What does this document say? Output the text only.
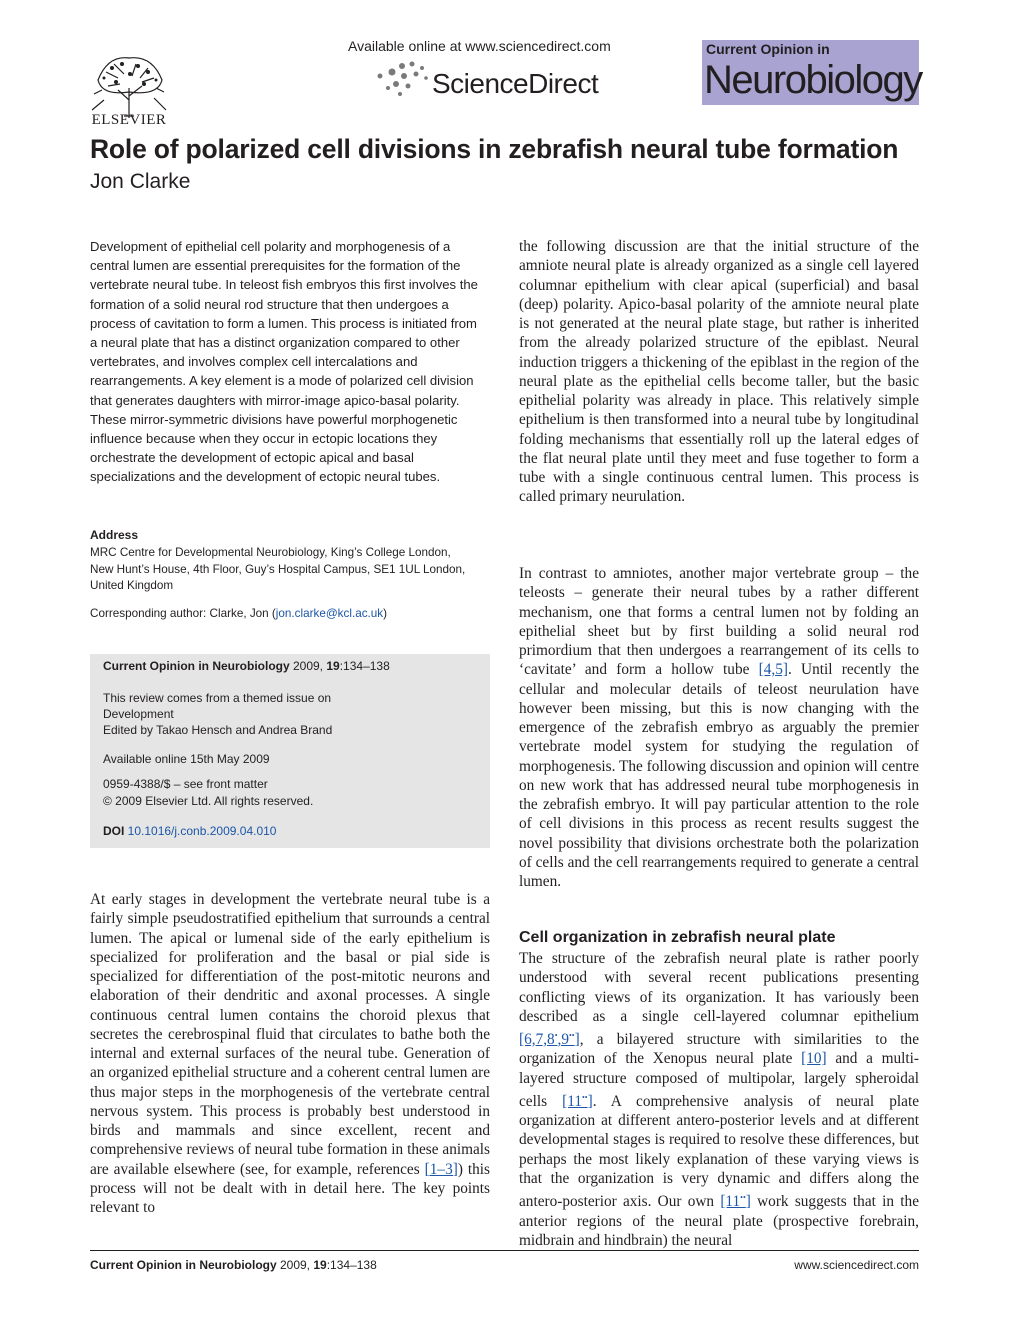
ELSEVIER
Available online at www.sciencedirect.com
ScienceDirect
Current Opinion in
Neurobiology
Role of polarized cell divisions in zebrafish neural tube formation
Jon Clarke

Development of epithelial cell polarity and morphogenesis of a central lumen are essential prerequisites for the formation of the vertebrate neural tube. In teleost fish embryos this first involves the formation of a solid neural rod structure that then undergoes a process of cavitation to form a lumen. This process is initiated from a neural plate that has a distinct organization compared to other vertebrates, and involves complex cell intercalations and rearrangements. A key element is a mode of polarized cell division that generates daughters with mirror-image apico-basal polarity. These mirror-symmetric divisions have powerful morphogenetic influence because when they occur in ectopic locations they orchestrate the development of ectopic apical and basal specializations and the development of ectopic neural tubes.

Address
MRC Centre for Developmental Neurobiology, King’s College London,
New Hunt’s House, 4th Floor, Guy’s Hospital Campus, SE1 1UL London,
United Kingdom
Corresponding author: Clarke, Jon (jon.clarke@kcl.ac.uk)
Current Opinion in Neurobiology 2009, 19:134–138
This review comes from a themed issue on
Development
Edited by Takao Hensch and Andrea Brand
Available online 15th May 2009
0959-4388/$ – see front matter
© 2009 Elsevier Ltd. All rights reserved.
DOI 10.1016/j.conb.2009.04.010

At early stages in development the vertebrate neural tube is a fairly simple pseudostratified epithelium that surrounds a central lumen. The apical or lumenal side of the early epithelium is specialized for proliferation and the basal or pial side is specialized for differentiation of the post-mitotic neurons and elaboration of their dendritic and axonal processes. A single continuous central lumen contains the choroid plexus that secretes the cerebrospinal fluid that circulates to bathe both the internal and external surfaces of the neural tube. Generation of an organized epithelial structure and a coherent central lumen are thus major steps in the morphogenesis of the vertebrate central nervous system. This process is probably best understood in birds and mammals and since excellent, recent and comprehensive reviews of neural tube formation in these animals are available elsewhere (see, for example, references [1–3]) this process will not be dealt with in detail here. The key points relevant to

the following discussion are that the initial structure of the amniote neural plate is already organized as a single cell layered columnar epithelium with clear apical (superficial) and basal (deep) polarity. Apico-basal polarity of the amniote neural plate is not generated at the neural plate stage, but rather is inherited from the already polarized structure of the epiblast. Neural induction triggers a thickening of the epiblast in the region of the neural plate as the epithelial cells become taller, but the basic epithelial polarity was already in place. This relatively simple epithelium is then transformed into a neural tube by longitudinal folding mechanisms that essentially roll up the lateral edges of the flat neural plate until they meet and fuse together to form a tube with a single continuous central lumen. This process is called primary neurulation.

In contrast to amniotes, another major vertebrate group – the teleosts – generate their neural tubes by a rather different mechanism, one that forms a central lumen not by folding an epithelial sheet but by first building a solid neural rod primordium that then undergoes a rearrangement of its cells to ‘cavitate’ and form a hollow tube [4,5]. Until recently the cellular and molecular details of teleost neurulation have however been missing, but this is now changing with the emergence of the zebrafish embryo as arguably the premier vertebrate model system for studying the regulation of morphogenesis. The following discussion and opinion will centre on new work that has addressed neural tube morphogenesis in the zebrafish embryo. It will pay particular attention to the role of cell divisions in this process as recent results suggest the novel possibility that divisions orchestrate both the polarization of cells and the cell rearrangements required to generate a central lumen.

Cell organization in zebrafish neural plate

The structure of the zebrafish neural plate is rather poorly understood with several recent publications presenting conflicting views of its organization. It has variously been described as a single cell-layered columnar epithelium [6,7,8•,9••], a bilayered structure with similarities to the organization of the Xenopus neural plate [10] and a multi-layered structure composed of multipolar, largely spheroidal cells [11••]. A comprehensive analysis of neural plate organization at different antero-posterior levels and at different developmental stages is required to resolve these differences, but perhaps the most likely explanation of these varying views is that the organization is very dynamic and differs along the antero-posterior axis. Our own [11••] work suggests that in the anterior regions of the neural plate (prospective forebrain, midbrain and hindbrain) the neural

Current Opinion in Neurobiology 2009, 19:134–138	www.sciencedirect.com
